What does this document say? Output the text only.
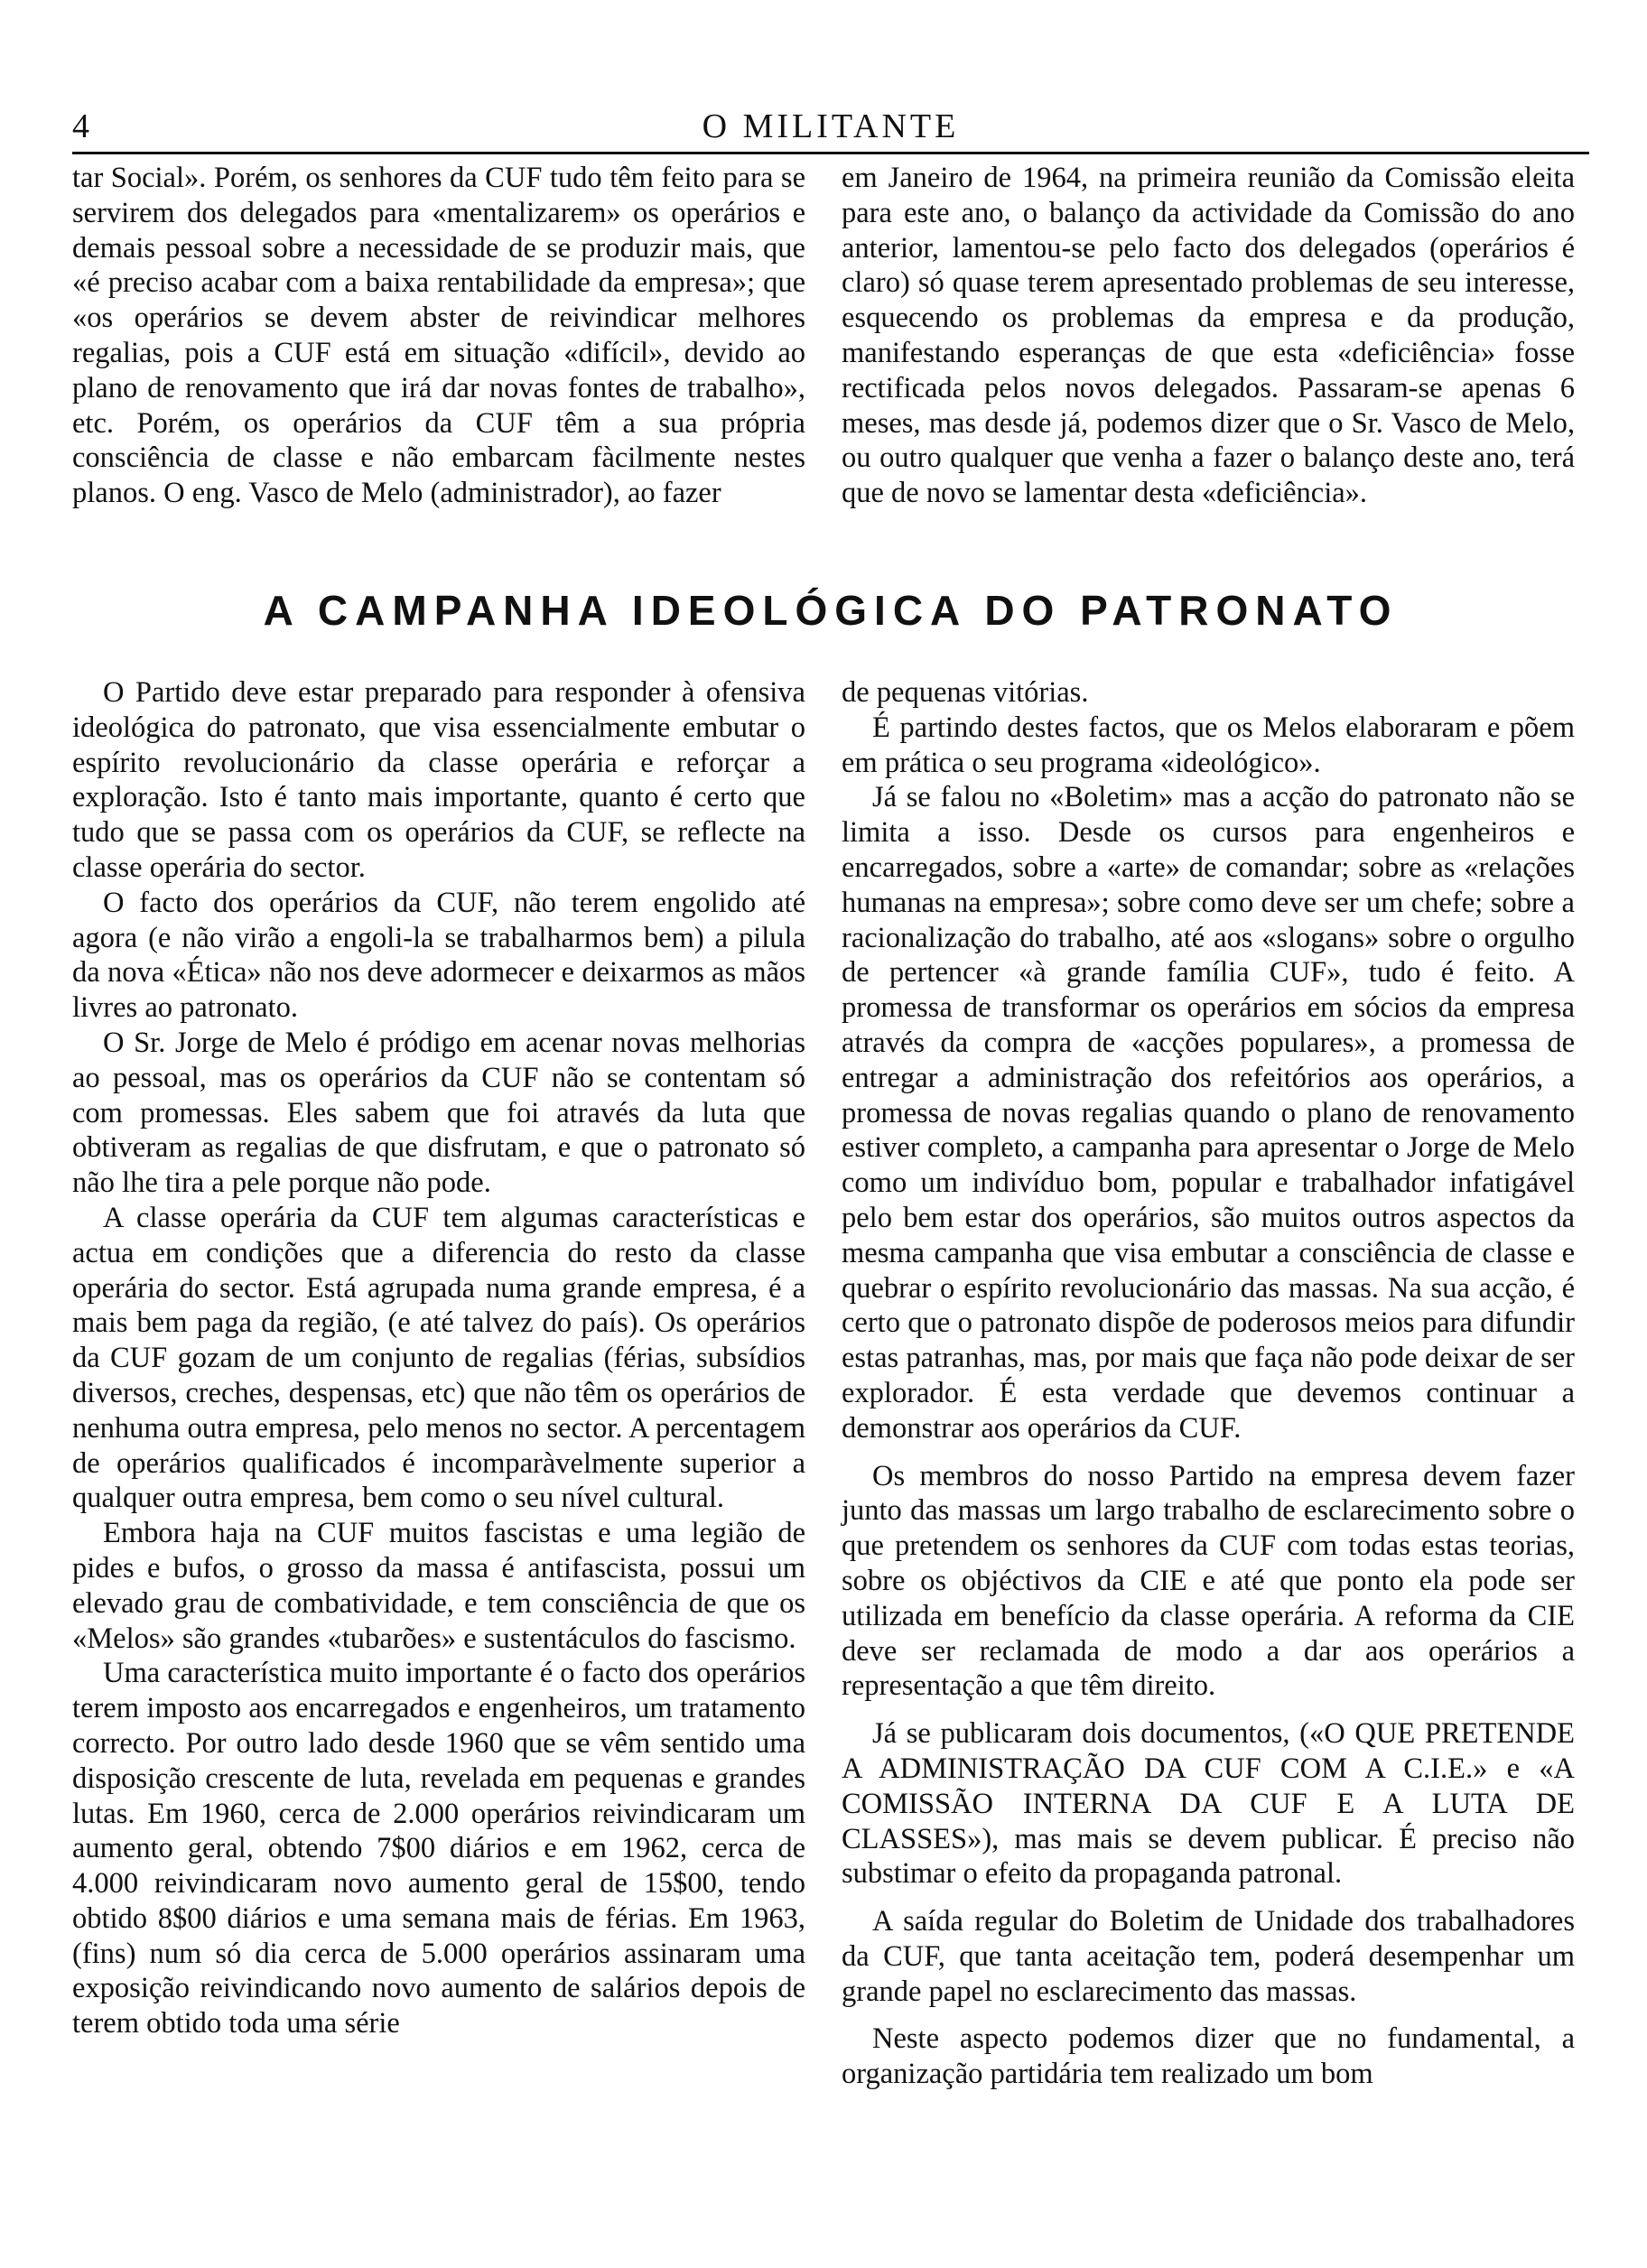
4	O MILITANTE

tar Social». Porém, os senhores da CUF tudo têm feito para se servirem dos delegados para «mentalizarem» os operários e demais pessoal sobre a necessidade de se produzir mais, que «é preciso acabar com a baixa rentabilidade da empresa»; que «os operários se devem abster de reivindicar melhores regalias, pois a CUF está em situação «difícil», devido ao plano de renovamento que irá dar novas fontes de trabalho», etc. Porém, os operários da CUF têm a sua própria consciência de classe e não embarcam fàcilmente nestes planos. O eng. Vasco de Melo (administrador), ao fazer

em Janeiro de 1964, na primeira reunião da Comissão eleita para este ano, o balanço da actividade da Comissão do ano anterior, lamentou-se pelo facto dos delegados (operários é claro) só quase terem apresentado problemas de seu interesse, esquecendo os problemas da empresa e da produção, manifestando esperanças de que esta «deficiência» fosse rectificada pelos novos delegados. Passaram-se apenas 6 meses, mas desde já, podemos dizer que o Sr. Vasco de Melo, ou outro qualquer que venha a fazer o balanço deste ano, terá que de novo se lamentar desta «deficiência».

A CAMPANHA IDEOLÓGICA DO PATRONATO

O Partido deve estar preparado para responder à ofensiva ideológica do patronato, que visa essencialmente embutar o espírito revolucionário da classe operária e reforçar a exploração. Isto é tanto mais importante, quanto é certo que tudo que se passa com os operários da CUF, se reflecte na classe operária do sector.

O facto dos operários da CUF, não terem engolido até agora (e não virão a engoli-la se trabalharmos bem) a pilula da nova «Ética» não nos deve adormecer e deixarmos as mãos livres ao patronato.

O Sr. Jorge de Melo é pródigo em acenar novas melhorias ao pessoal, mas os operários da CUF não se contentam só com promessas. Eles sabem que foi através da luta que obtiveram as regalias de que disfrutam, e que o patronato só não lhe tira a pele porque não pode.

A classe operária da CUF tem algumas características e actua em condições que a diferencia do resto da classe operária do sector. Está agrupada numa grande empresa, é a mais bem paga da região, (e até talvez do país). Os operários da CUF gozam de um conjunto de regalias (férias, subsídios diversos, creches, despensas, etc) que não têm os operários de nenhuma outra empresa, pelo menos no sector. A percentagem de operários qualificados é incomparàvelmente superior a qualquer outra empresa, bem como o seu nível cultural.

Embora haja na CUF muitos fascistas e uma legião de pides e bufos, o grosso da massa é antifascista, possui um elevado grau de combatividade, e tem consciência de que os «Melos» são grandes «tubarões» e sustentáculos do fascismo.

Uma característica muito importante é o facto dos operários terem imposto aos encarregados e engenheiros, um tratamento correcto. Por outro lado desde 1960 que se vêm sentido uma disposição crescente de luta, revelada em pequenas e grandes lutas. Em 1960, cerca de 2.000 operários reivindicaram um aumento geral, obtendo 7$00 diários e em 1962, cerca de 4.000 reivindicaram novo aumento geral de 15$00, tendo obtido 8$00 diários e uma semana mais de férias. Em 1963, (fins) num só dia cerca de 5.000 operários assinaram uma exposição reivindicando novo aumento de salários depois de terem obtido toda uma série

de pequenas vitórias.

É partindo destes factos, que os Melos elaboraram e põem em prática o seu programa «ideológico».

Já se falou no «Boletim» mas a acção do patronato não se limita a isso. Desde os cursos para engenheiros e encarregados, sobre a «arte» de comandar; sobre as «relações humanas na empresa»; sobre como deve ser um chefe; sobre a racionalização do trabalho, até aos «slogans» sobre o orgulho de pertencer «à grande família CUF», tudo é feito. A promessa de transformar os operários em sócios da empresa através da compra de «acções populares», a promessa de entregar a administração dos refeitórios aos operários, a promessa de novas regalias quando o plano de renovamento estiver completo, a campanha para apresentar o Jorge de Melo como um indivíduo bom, popular e trabalhador infatigável pelo bem estar dos operários, são muitos outros aspectos da mesma campanha que visa embutar a consciência de classe e quebrar o espírito revolucionário das massas. Na sua acção, é certo que o patronato dispõe de poderosos meios para difundir estas patranhas, mas, por mais que faça não pode deixar de ser explorador. É esta verdade que devemos continuar a demonstrar aos operários da CUF.

Os membros do nosso Partido na empresa devem fazer junto das massas um largo trabalho de esclarecimento sobre o que pretendem os senhores da CUF com todas estas teorias, sobre os objéctivos da CIE e até que ponto ela pode ser utilizada em benefício da classe operária. A reforma da CIE deve ser reclamada de modo a dar aos operários a representação a que têm direito.

Já se publicaram dois documentos, («O QUE PRETENDE A ADMINISTRAÇÃO DA CUF COM A C.I.E.» e «A COMISSÃO INTERNA DA CUF E A LUTA DE CLASSES»), mas mais se devem publicar. É preciso não substimar o efeito da propaganda patronal.

A saída regular do Boletim de Unidade dos trabalhadores da CUF, que tanta aceitação tem, poderá desempenhar um grande papel no esclarecimento das massas.

Neste aspecto podemos dizer que no fundamental, a organização partidária tem realizado um bom
